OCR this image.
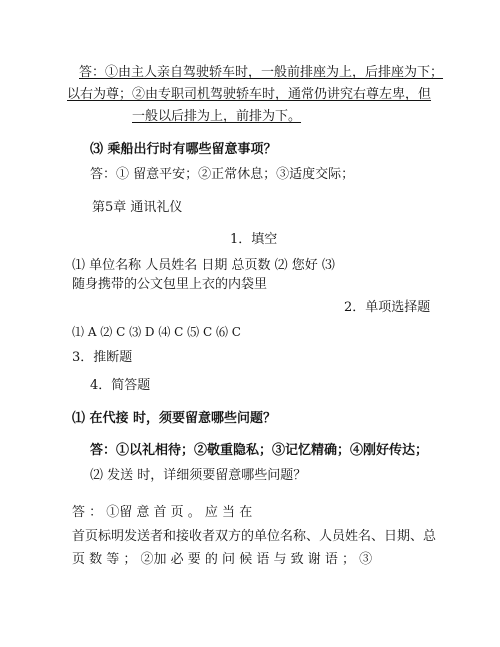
答：①由主人亲自驾驶轿车时，一般前排座为上，后排座为下；
以右为尊；②由专职司机驾驶轿车时，通常仍讲究右尊左卑，但
一般以后排为上，前排为下。
⑶ 乘船出行时有哪些留意事项？
答：① 留意平安；②正常休息；③适度交际；
第5章 通讯礼仪
1．填空
⑴ 单位名称 人员姓名 日期 总页数 ⑵ 您好 ⑶
随身携带的公文包里上衣的内袋里
2．单项选择题
⑴ A ⑵ C ⑶ D ⑷ C ⑸ C ⑹ C
3．推断题
4．简答题
⑴ 在代接 时，须要留意哪些问题？
答：①以礼相待；②敬重隐私；③记忆精确；④刚好传达；
⑵ 发送 时，详细须要留意哪些问题？
答 ： ①留 意 首 页 。 应 当 在
首页标明发送者和接收者双方的单位名称、人员姓名、日期、总
页 数 等 ； ②加 必 要 的 问 候 语 与 致 谢 语 ； ③
